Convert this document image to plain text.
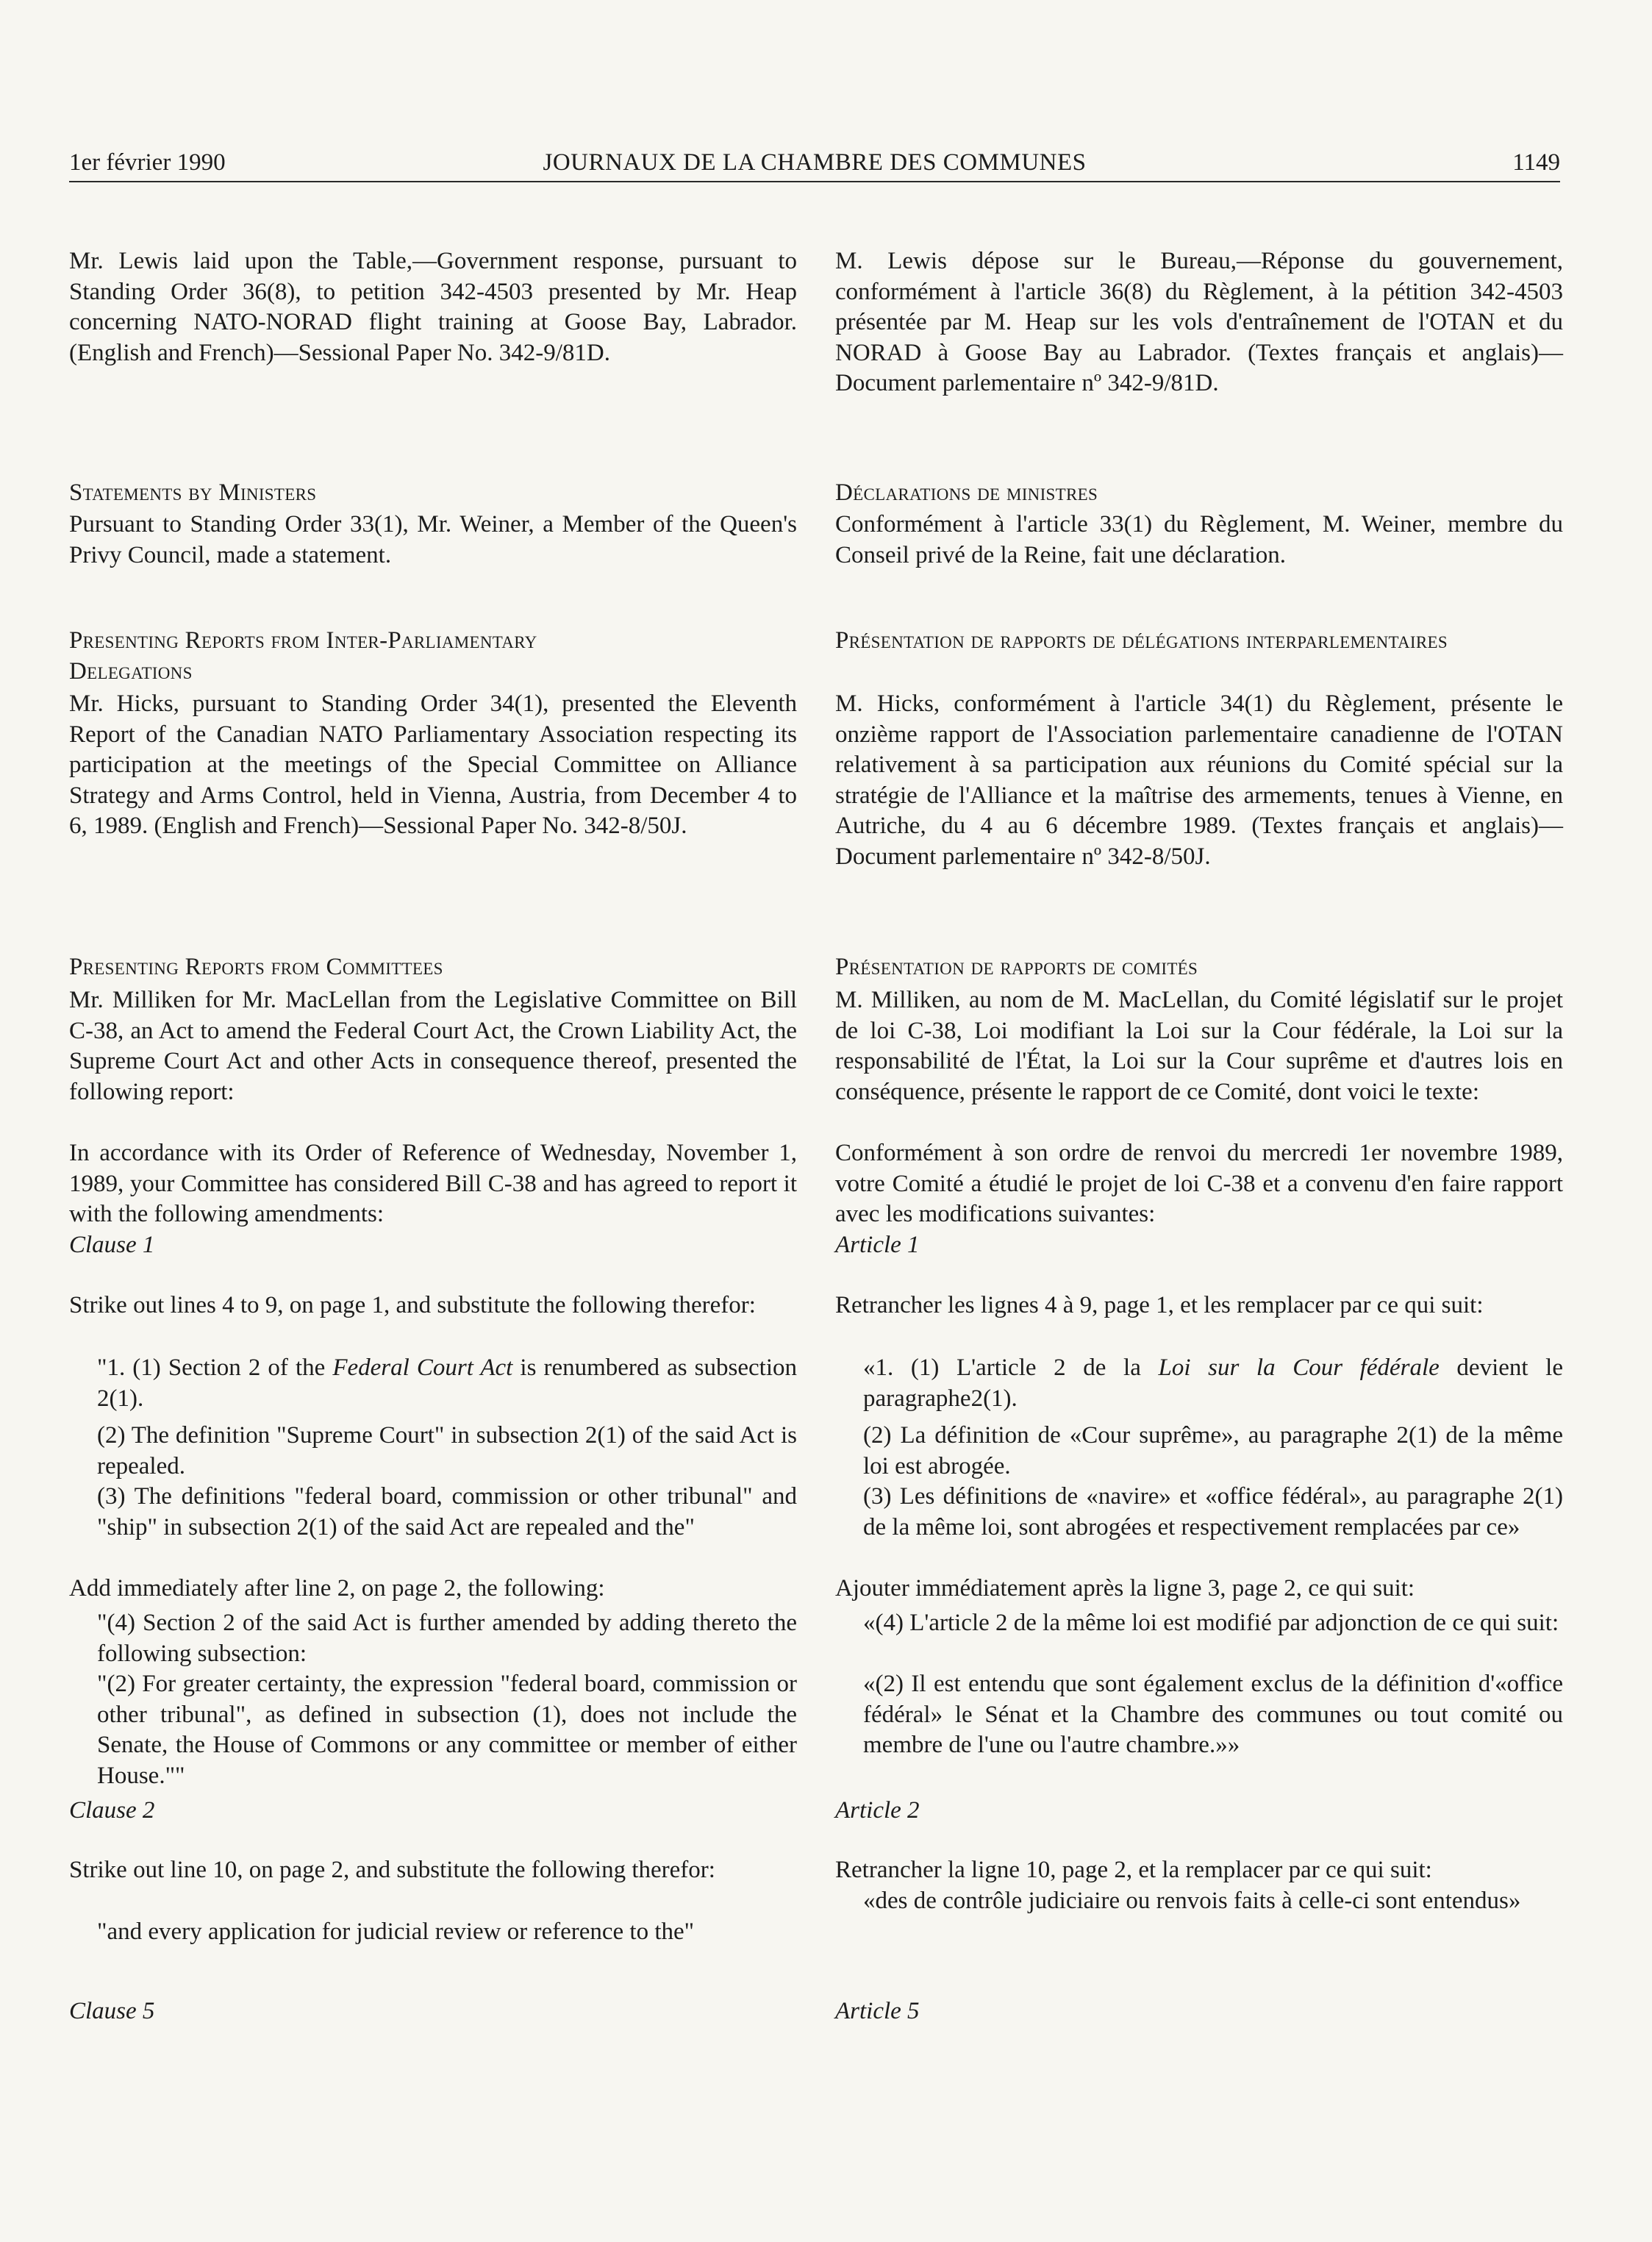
1er février 1990	JOURNAUX DE LA CHAMBRE DES COMMUNES	1149

Mr. Lewis laid upon the Table,—Government response, pursuant to Standing Order 36(8), to petition 342-4503 presented by Mr. Heap concerning NATO-NORAD flight training at Goose Bay, Labrador. (English and French)—Sessional Paper No. 342-9/81D.

Statements by Ministers

Pursuant to Standing Order 33(1), Mr. Weiner, a Member of the Queen's Privy Council, made a statement.

Presenting Reports from Inter-Parliamentary Delegations

Mr. Hicks, pursuant to Standing Order 34(1), presented the Eleventh Report of the Canadian NATO Parliamentary Association respecting its participation at the meetings of the Special Committee on Alliance Strategy and Arms Control, held in Vienna, Austria, from December 4 to 6, 1989. (English and French)—Sessional Paper No. 342-8/50J.

Presenting Reports from Committees

Mr. Milliken for Mr. MacLellan from the Legislative Committee on Bill C-38, an Act to amend the Federal Court Act, the Crown Liability Act, the Supreme Court Act and other Acts in consequence thereof, presented the following report:

In accordance with its Order of Reference of Wednesday, November 1, 1989, your Committee has considered Bill C-38 and has agreed to report it with the following amendments:

Clause 1

Strike out lines 4 to 9, on page 1, and substitute the following therefor:

"1. (1) Section 2 of the Federal Court Act is renumbered as subsection 2(1).

(2) The definition "Supreme Court" in subsection 2(1) of the said Act is repealed.

(3) The definitions "federal board, commission or other tribunal" and "ship" in subsection 2(1) of the said Act are repealed and the"

Add immediately after line 2, on page 2, the following:

"(4) Section 2 of the said Act is further amended by adding thereto the following subsection:

"(2) For greater certainty, the expression "federal board, commission or other tribunal", as defined in subsection (1), does not include the Senate, the House of Commons or any committee or member of either House.""

Clause 2

Strike out line 10, on page 2, and substitute the following therefor:

"and every application for judicial review or reference to the"

Clause 5

M. Lewis dépose sur le Bureau,—Réponse du gouvernement, conformément à l'article 36(8) du Règlement, à la pétition 342-4503 présentée par M. Heap sur les vols d'entraînement de l'OTAN et du NORAD à Goose Bay au Labrador. (Textes français et anglais)—Document parlementaire nº 342-9/81D.

Déclarations de ministres

Conformément à l'article 33(1) du Règlement, M. Weiner, membre du Conseil privé de la Reine, fait une déclaration.

Présentation de rapports de délégations interparlementaires

M. Hicks, conformément à l'article 34(1) du Règlement, présente le onzième rapport de l'Association parlementaire canadienne de l'OTAN relativement à sa participation aux réunions du Comité spécial sur la stratégie de l'Alliance et la maîtrise des armements, tenues à Vienne, en Autriche, du 4 au 6 décembre 1989. (Textes français et anglais)—Document parlementaire nº 342-8/50J.

Présentation de rapports de comités

M. Milliken, au nom de M. MacLellan, du Comité législatif sur le projet de loi C-38, Loi modifiant la Loi sur la Cour fédérale, la Loi sur la responsabilité de l'État, la Loi sur la Cour suprême et d'autres lois en conséquence, présente le rapport de ce Comité, dont voici le texte:

Conformément à son ordre de renvoi du mercredi 1er novembre 1989, votre Comité a étudié le projet de loi C-38 et a convenu d'en faire rapport avec les modifications suivantes:

Article 1

Retrancher les lignes 4 à 9, page 1, et les remplacer par ce qui suit:

«1. (1) L'article 2 de la Loi sur la Cour fédérale devient le paragraphe2(1).

(2) La définition de «Cour suprême», au paragraphe 2(1) de la même loi est abrogée.

(3) Les définitions de «navire» et «office fédéral», au paragraphe 2(1) de la même loi, sont abrogées et respectivement remplacées par ce»

Ajouter immédiatement après la ligne 3, page 2, ce qui suit:

«(4) L'article 2 de la même loi est modifié par adjonction de ce qui suit:

«(2) Il est entendu que sont également exclus de la définition d'«office fédéral» le Sénat et la Chambre des communes ou tout comité ou membre de l'une ou l'autre chambre.»»

Article 2

Retrancher la ligne 10, page 2, et la remplacer par ce qui suit:

«des de contrôle judiciaire ou renvois faits à celle-ci sont entendus»

Article 5
